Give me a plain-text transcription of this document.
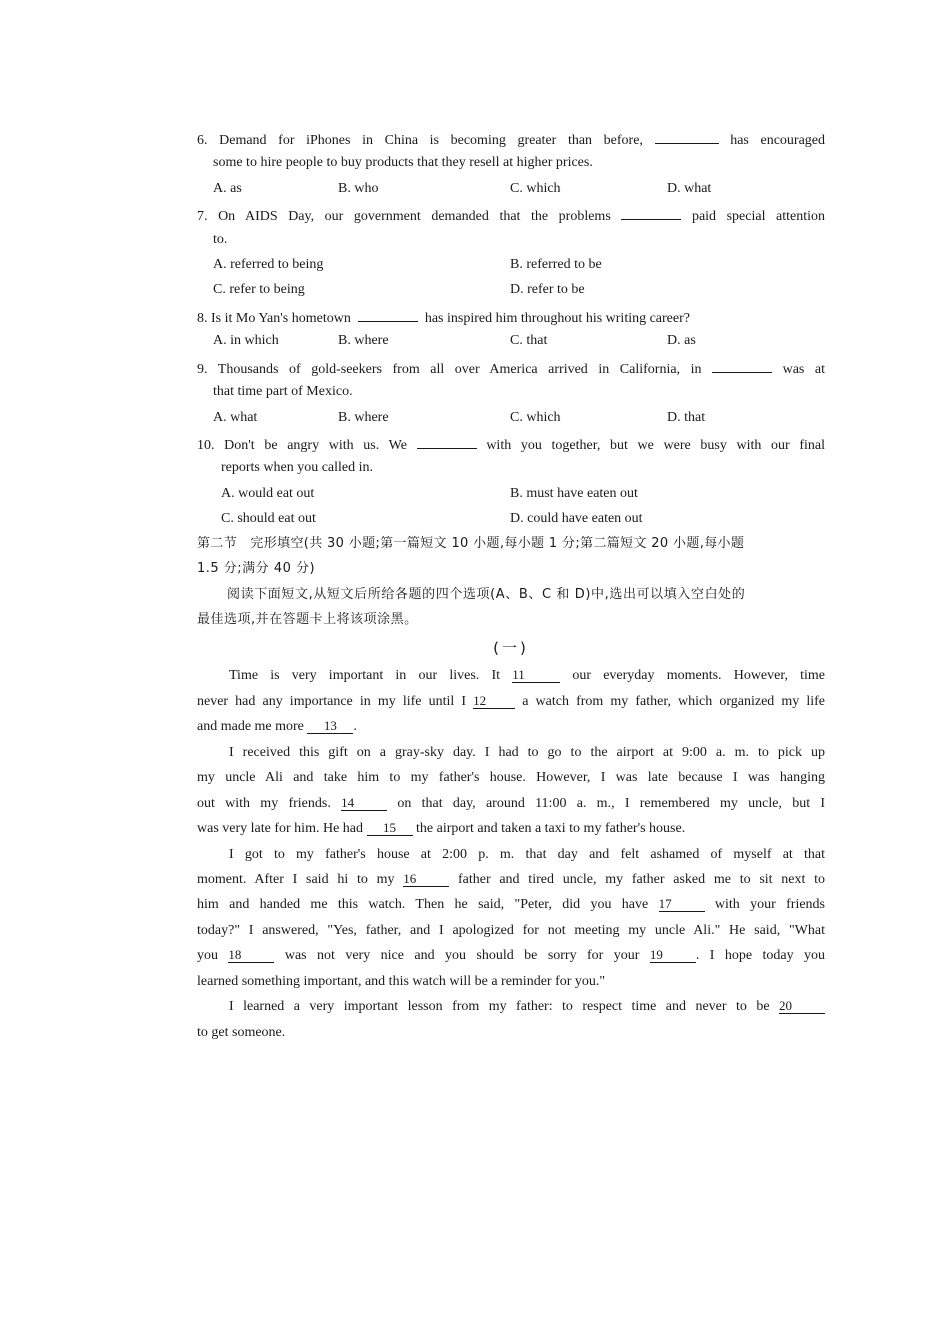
6. Demand for iPhones in China is becoming greater than before,	has encouraged
some to hire people to buy products that they resell at higher prices.
A. as	B. who	C. which	D. what
7. On AIDS Day, our government demanded that the problems	paid special attention
to.
A. referred to being	B. referred to be
C. refer to being	D. refer to be
8. Is it Mo Yan's hometown	has inspired him throughout his writing career?
A. in which	B. where	C. that	D. as
9. Thousands of gold-seekers from all over America arrived in California, in	was at
that time part of Mexico.
A. what	B. where	C. which	D. that
10. Don't be angry with us. We	with you together, but we were busy with our final
reports when you called in.
A. would eat out	B. must have eaten out
C. should eat out	D. could have eaten out
第二节　完形填空(共 30 小题;第一篇短文 10 小题,每小题 1 分;第二篇短文 20 小题,每小题
1.5 分;满分 40 分)
阅读下面短文,从短文后所给各题的四个选项(A、B、C 和 D)中,选出可以填入空白处的
最佳选项,并在答题卡上将该项涂黑。
(一)
Time is very important in our lives. It 11	our everyday moments. However, time
never had any importance in my life until I 12	a watch from my father, which organized my life
and made me more 13 .
I received this gift on a gray-sky day. I had to go to the airport at 9:00 a. m. to pick up
my uncle Ali and take him to my father's house. However, I was late because I was hanging
out with my friends. 14	on that day, around 11:00 a. m., I remembered my uncle, but I
was very late for him. He had 15 the airport and taken a taxi to my father's house.
I got to my father's house at 2:00 p. m. that day and felt ashamed of myself at that
moment. After I said hi to my 16	father and tired uncle, my father asked me to sit next to
him and handed me this watch. Then he said, "Peter, did you have 17	with your friends
today?" I answered, "Yes, father, and I apologized for not meeting my uncle Ali." He said, "What
you 18	was not very nice and you should be sorry for your 19 . I hope today you
learned something important, and this watch will be a reminder for you."
I learned a very important lesson from my father: to respect time and never to be 20
to get someone.
